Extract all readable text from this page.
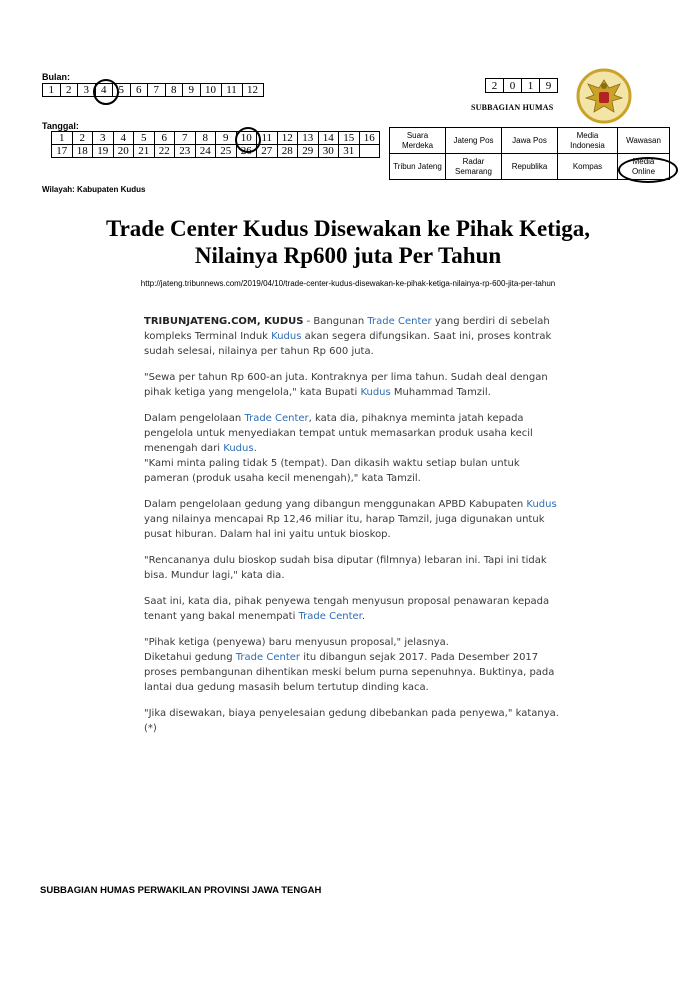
Bulan:
1	2	3	4	5	6	7	8	9	10	11	12
Tanggal:
1	2	3	4	5	6	7	8	9	10	11	12	13	14	15	16
17	18	19	20	21	22	23	24	25	26	27	28	29	30	31	
2	0	1	9
SUBBAGIAN HUMAS
Suara Merdeka	Jateng Pos	Jawa Pos	Media Indonesia	Wawasan
Tribun Jateng	Radar Semarang	Republika	Kompas	Media Online
Wilayah: Kabupaten Kudus
Trade Center Kudus Disewakan ke Pihak Ketiga,
Nilainya Rp600 juta Per Tahun
http://jateng.tribunnews.com/2019/04/10/trade-center-kudus-disewakan-ke-pihak-ketiga-nilainya-rp-600-jita-per-tahun

TRIBUNJATENG.COM, KUDUS - Bangunan Trade Center yang berdiri di sebelah kompleks Terminal Induk Kudus akan segera difungsikan. Saat ini, proses kontrak sudah selesai, nilainya per tahun Rp 600 juta.

"Sewa per tahun Rp 600-an juta. Kontraknya per lima tahun. Sudah deal dengan pihak ketiga yang mengelola," kata Bupati Kudus Muhammad Tamzil.

Dalam pengelolaan Trade Center, kata dia, pihaknya meminta jatah kepada pengelola untuk menyediakan tempat untuk memasarkan produk usaha kecil menengah dari Kudus.

"Kami minta paling tidak 5 (tempat). Dan dikasih waktu setiap bulan untuk pameran (produk usaha kecil menengah)," kata Tamzil.

Dalam pengelolaan gedung yang dibangun menggunakan APBD Kabupaten Kudus yang nilainya mencapai Rp 12,46 miliar itu, harap Tamzil, juga digunakan untuk pusat hiburan. Dalam hal ini yaitu untuk bioskop.

"Rencananya dulu bioskop sudah bisa diputar (filmnya) lebaran ini. Tapi ini tidak bisa. Mundur lagi," kata dia.

Saat ini, kata dia, pihak penyewa tengah menyusun proposal penawaran kepada tenant yang bakal menempati Trade Center.

"Pihak ketiga (penyewa) baru menyusun proposal," jelasnya.

Diketahui gedung Trade Center itu dibangun sejak 2017. Pada Desember 2017 proses pembangunan dihentikan meski belum purna sepenuhnya. Buktinya, pada lantai dua gedung masasih belum tertutup dinding kaca.

"Jika disewakan, biaya penyelesaian gedung dibebankan pada penyewa," katanya. (*)

SUBBAGIAN HUMAS PERWAKILAN PROVINSI JAWA TENGAH
